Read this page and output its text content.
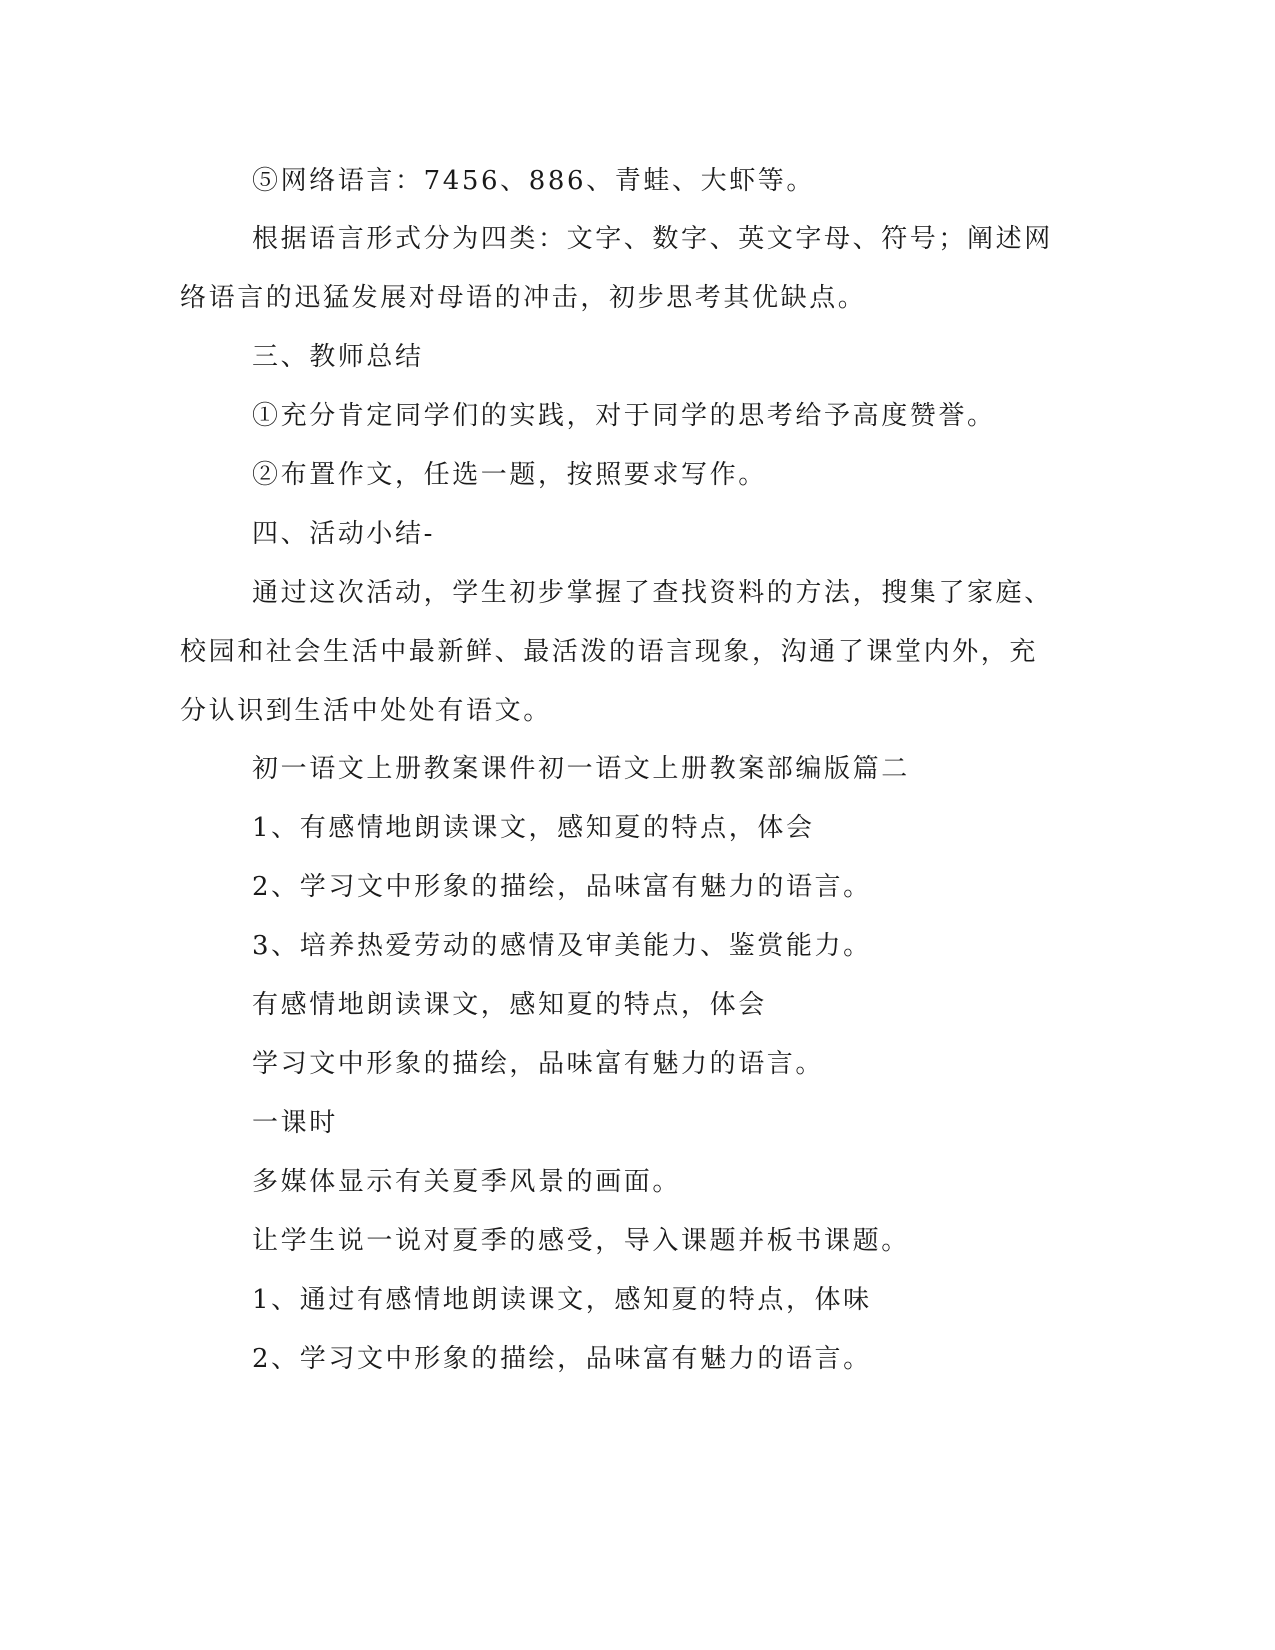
⑤网络语言：7456、886、青蛙、大虾等。
根据语言形式分为四类：文字、数字、英文字母、符号；阐述网
络语言的迅猛发展对母语的冲击，初步思考其优缺点。
三、教师总结
①充分肯定同学们的实践，对于同学的思考给予高度赞誉。
②布置作文，任选一题，按照要求写作。
四、活动小结-
通过这次活动，学生初步掌握了查找资料的方法，搜集了家庭、
校园和社会生活中最新鲜、最活泼的语言现象，沟通了课堂内外，充
分认识到生活中处处有语文。
初一语文上册教案课件初一语文上册教案部编版篇二
1、有感情地朗读课文，感知夏的特点，体会
2、学习文中形象的描绘，品味富有魅力的语言。
3、培养热爱劳动的感情及审美能力、鉴赏能力。
有感情地朗读课文，感知夏的特点，体会
学习文中形象的描绘，品味富有魅力的语言。
一课时
多媒体显示有关夏季风景的画面。
让学生说一说对夏季的感受，导入课题并板书课题。
1、通过有感情地朗读课文，感知夏的特点，体味
2、学习文中形象的描绘，品味富有魅力的语言。
